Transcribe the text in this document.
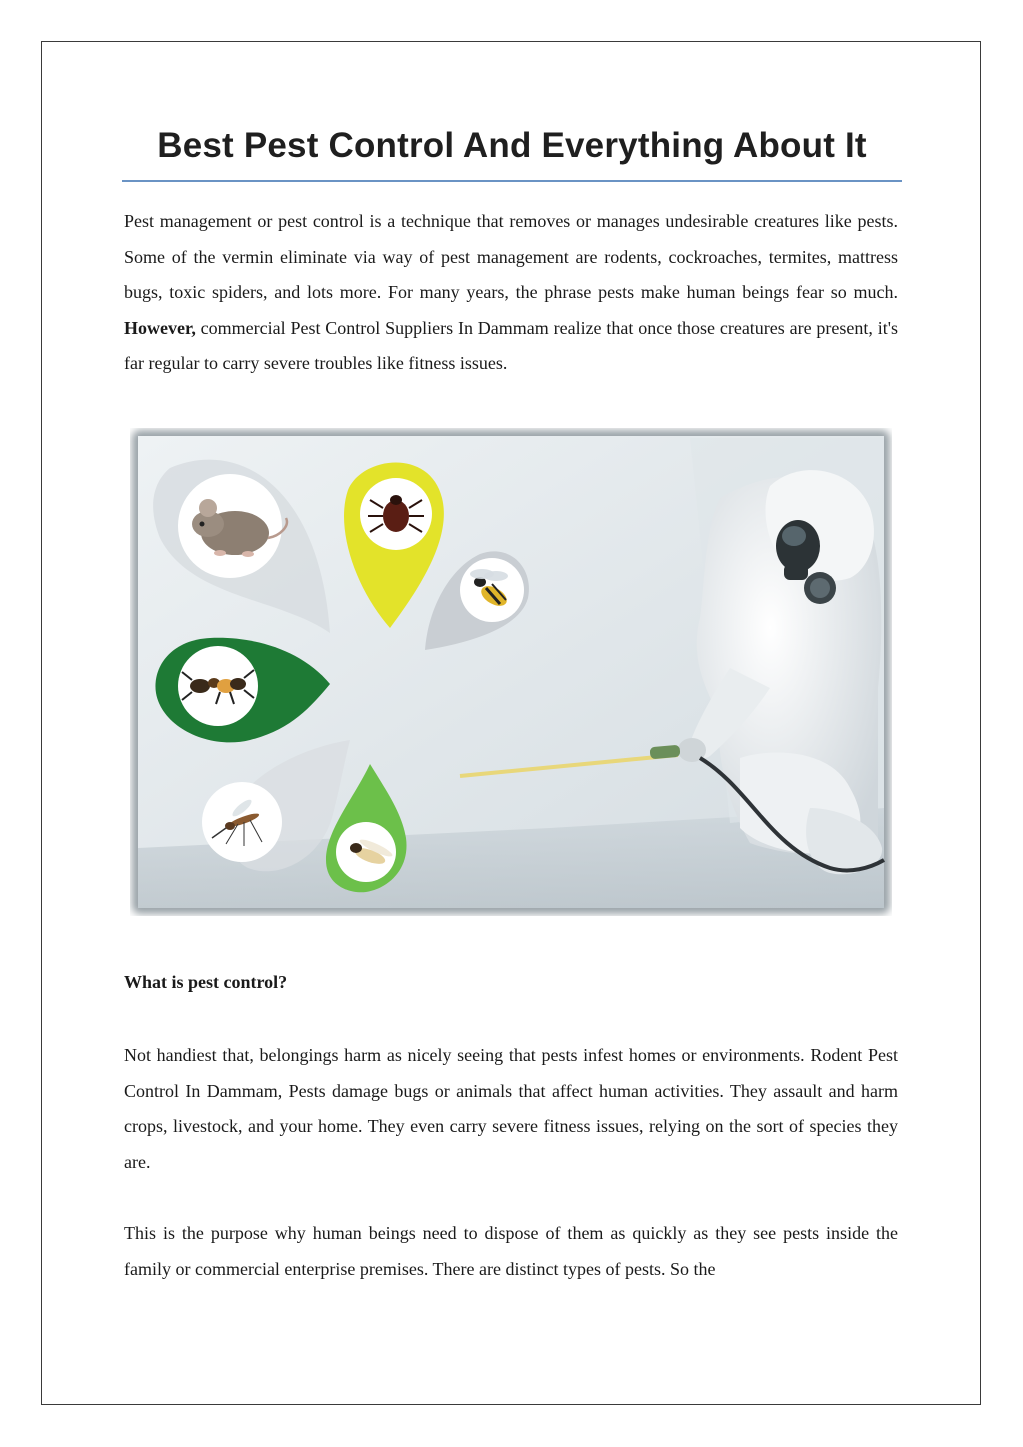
Best Pest Control And Everything About It

Pest management or pest control is a technique that removes or manages undesirable creatures like pests. Some of the vermin eliminate via way of pest management are rodents, cockroaches, termites, mattress bugs, toxic spiders, and lots more. For many years, the phrase pests make human beings fear so much. However, commercial Pest Control Suppliers In Dammam realize that once those creatures are present, it's far regular to carry severe troubles like fitness issues.

What is pest control?

Not handiest that, belongings harm as nicely seeing that pests infest homes or environments. Rodent Pest Control In Dammam, Pests damage bugs or animals that affect human activities. They assault and harm crops, livestock, and your home. They even carry severe fitness issues, relying on the sort of species they are.

This is the purpose why human beings need to dispose of them as quickly as they see pests inside the family or commercial enterprise premises. There are distinct types of pests. So the
